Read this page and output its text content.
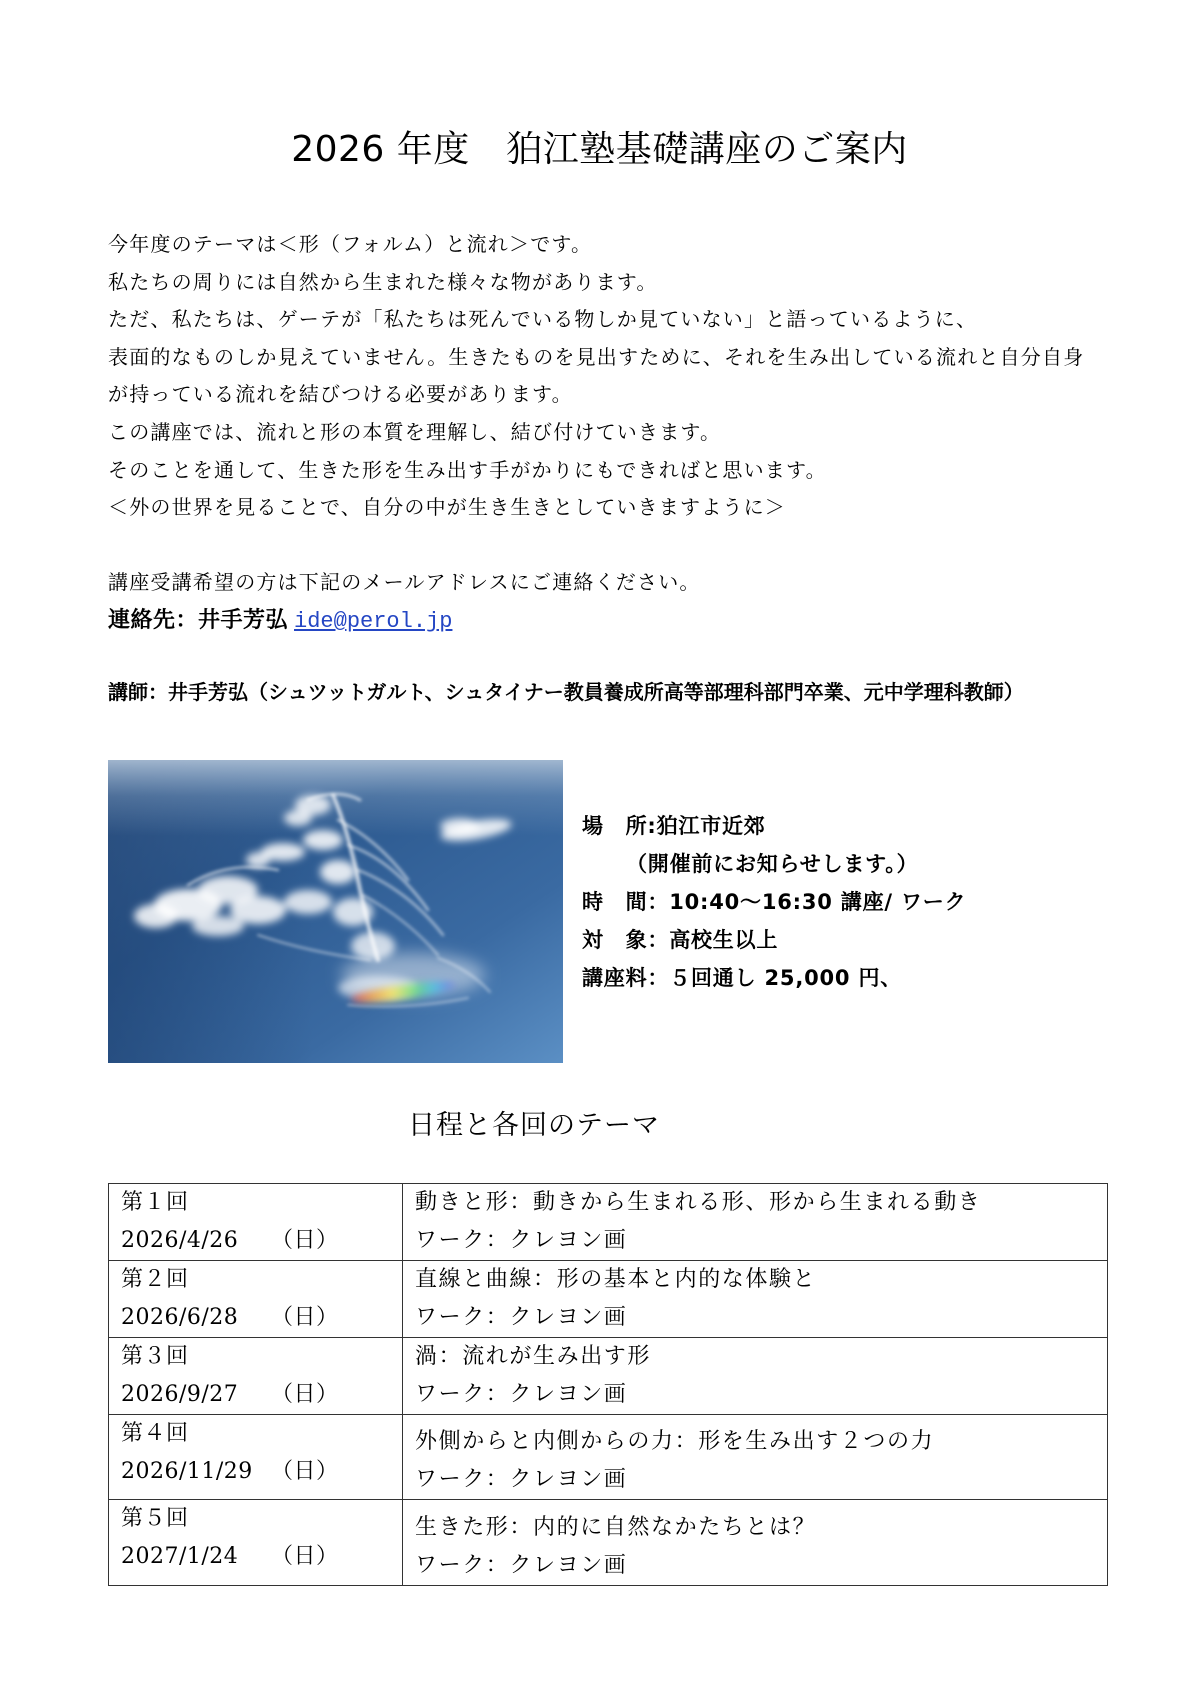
2026 年度　狛江塾基礎講座のご案内

今年度のテーマは＜形（フォルム）と流れ＞です。

私たちの周りには自然から生まれた様々な物があります。

ただ、私たちは、ゲーテが「私たちは死んでいる物しか見ていない」と語っているように、

表面的なものしか見えていません。生きたものを見出すために、それを生み出している流れと自分自身

が持っている流れを結びつける必要があります。

この講座では、流れと形の本質を理解し、結び付けていきます。

そのことを通して、生きた形を生み出す手がかりにもできればと思います。

＜外の世界を見ることで、自分の中が生き生きとしていきますように＞

講座受講希望の方は下記のメールアドレスにご連絡ください。
連絡先：井手芳弘 ide@perol.jp
講師：井手芳弘（シュツットガルト、シュタイナー教員養成所高等部理科部門卒業、元中学理科教師）
場　所:狛江市近郊
（開催前にお知らせします。）
時　間：10:40～16:30 講座/ ワーク
対　象：高校生以上
講座料：５回通し 25,000 円、
日程と各回のテーマ
第１回
2026/4/26 （日）	動きと形：動きから生まれる形、形から生まれる動き
ワーク：クレヨン画

第２回
2026/6/28 （日）	直線と曲線：形の基本と内的な体験と
ワーク：クレヨン画

第３回
2026/9/27 （日）	渦：流れが生み出す形
ワーク：クレヨン画

第４回
2026/11/29 （日）	外側からと内側からの力：形を生み出す２つの力
ワーク：クレヨン画

第５回
2027/1/24 （日）	生きた形：内的に自然なかたちとは？
ワーク：クレヨン画
